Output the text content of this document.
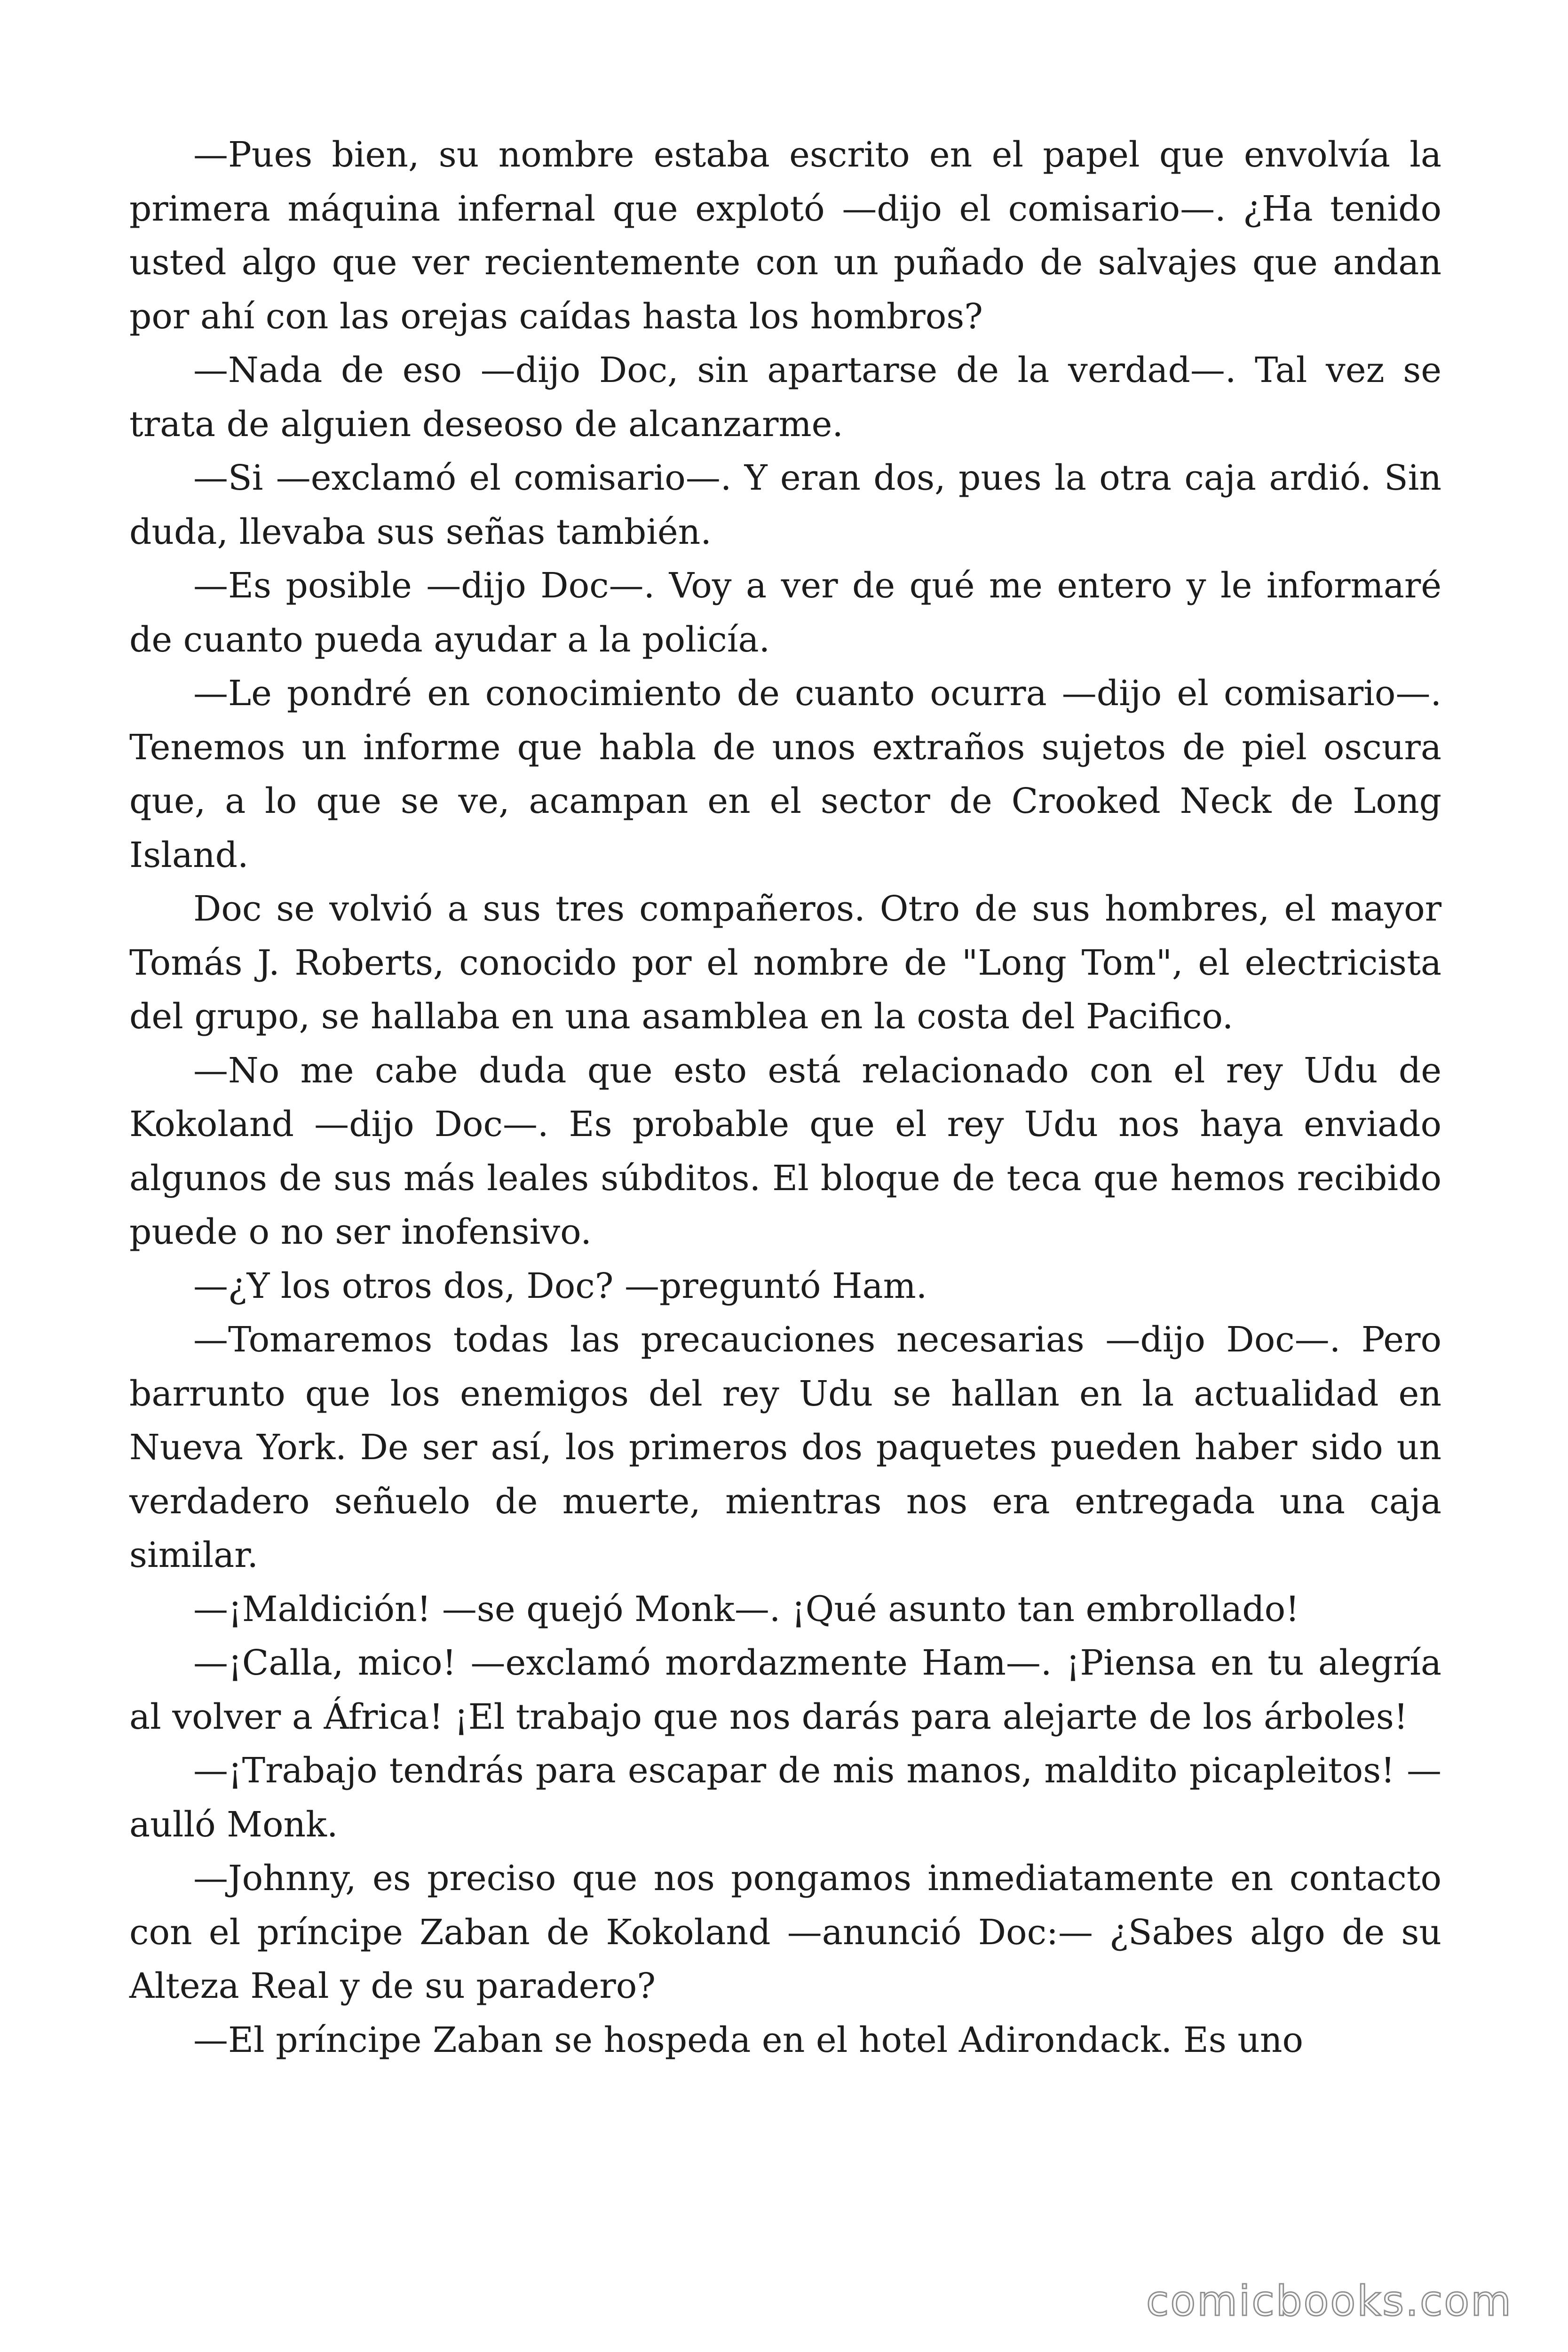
—Pues bien, su nombre estaba escrito en el papel que envolvía la primera máquina infernal que explotó —dijo el comisario—. ¿Ha tenido usted algo que ver recientemente con un puñado de salvajes que andan por ahí con las orejas caídas hasta los hombros?

—Nada de eso —dijo Doc, sin apartarse de la verdad—. Tal vez se trata de alguien deseoso de alcanzarme.

—Si —exclamó el comisario—. Y eran dos, pues la otra caja ardió. Sin duda, llevaba sus señas también.

—Es posible —dijo Doc—. Voy a ver de qué me entero y le informaré de cuanto pueda ayudar a la policía.

—Le pondré en conocimiento de cuanto ocurra —dijo el comisario—. Tenemos un informe que habla de unos extraños sujetos de piel oscura que, a lo que se ve, acampan en el sector de Crooked Neck de Long Island.

Doc se volvió a sus tres compañeros. Otro de sus hombres, el mayor Tomás J. Roberts, conocido por el nombre de "Long Tom", el electricista del grupo, se hallaba en una asamblea en la costa del Pacifico.

—No me cabe duda que esto está relacionado con el rey Udu de Kokoland —dijo Doc—. Es probable que el rey Udu nos haya enviado algunos de sus más leales súbditos. El bloque de teca que hemos recibido puede o no ser inofensivo.

—¿Y los otros dos, Doc? —preguntó Ham.

—Tomaremos todas las precauciones necesarias —dijo Doc—. Pero barrunto que los enemigos del rey Udu se hallan en la actualidad en Nueva York. De ser así, los primeros dos paquetes pueden haber sido un verdadero señuelo de muerte, mientras nos era entregada una caja similar.

—¡Maldición! —se quejó Monk—. ¡Qué asunto tan embrollado!

—¡Calla, mico! —exclamó mordazmente Ham—. ¡Piensa en tu alegría al volver a África! ¡El trabajo que nos darás para alejarte de los árboles!

—¡Trabajo tendrás para escapar de mis manos, maldito picapleitos! —aulló Monk.

—Johnny, es preciso que nos pongamos inmediatamente en contacto con el príncipe Zaban de Kokoland —anunció Doc:— ¿Sabes algo de su Alteza Real y de su paradero?

—El príncipe Zaban se hospeda en el hotel Adirondack. Es uno

comicbooks.com
